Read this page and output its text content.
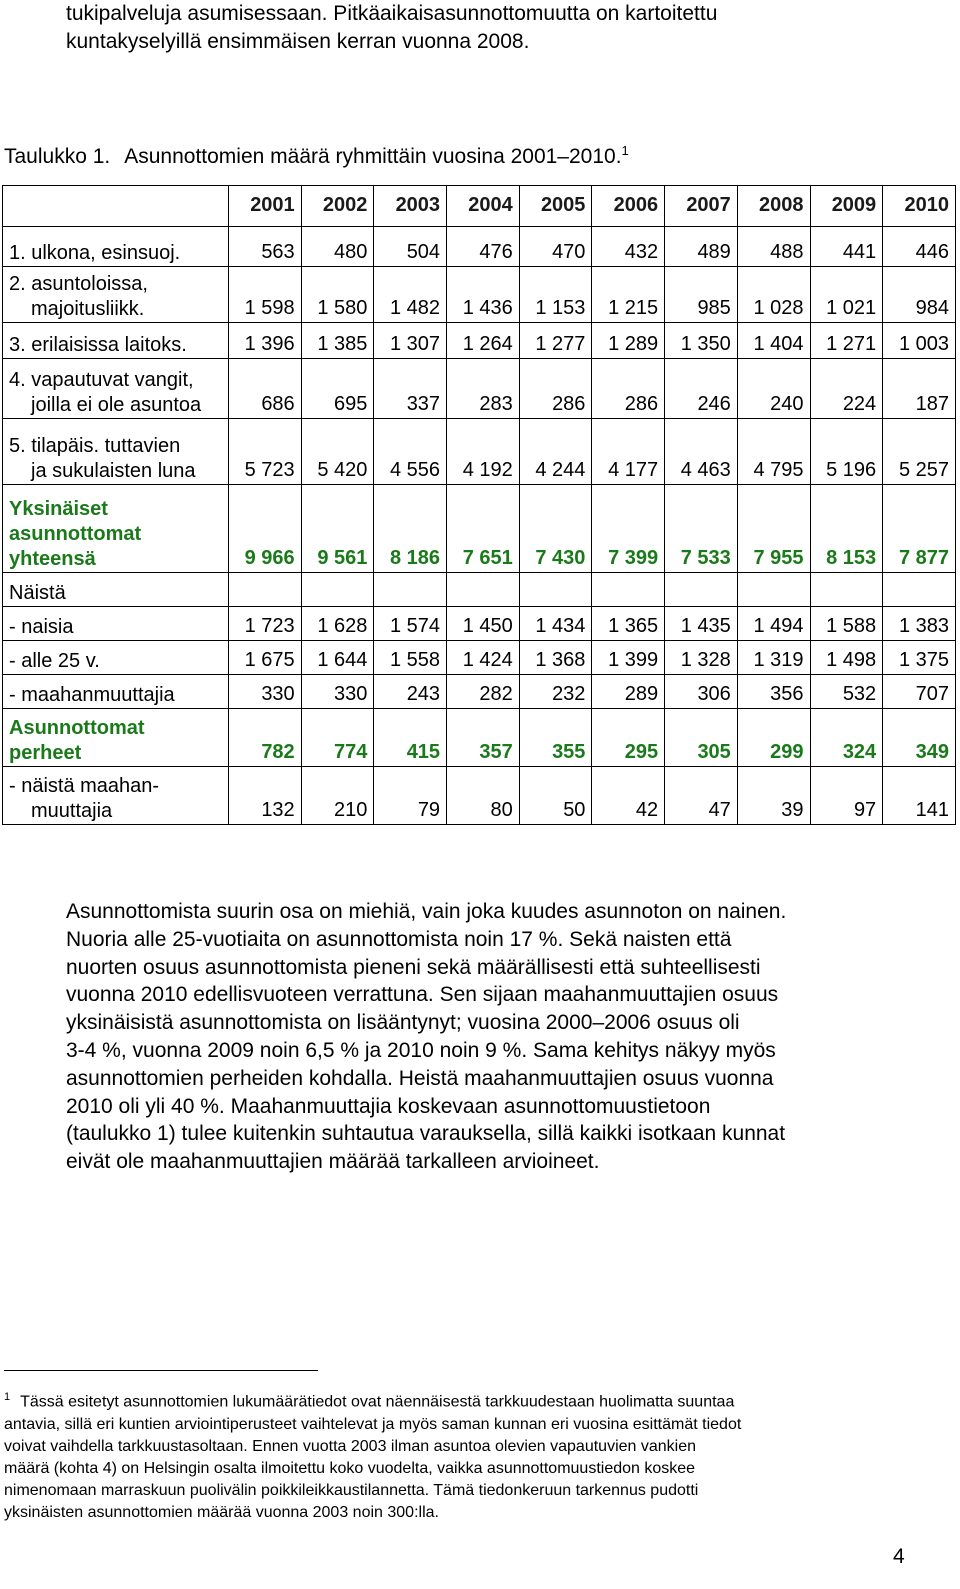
tukipalveluja asumisessaan. Pitkäaikaisasunnottomuutta on kartoitettu
kuntakyselyillä ensimmäisen kerran vuonna 2008.
Taulukko 1. Asunnottomien määrä ryhmittäin vuosina 2001–2010.$^1$
	2001	2002	2003	2004	2005	2006	2007	2008	2009	2010

1. ulkona, esinsuoj.	563	480	504	476	470	432	489	488	441	446

2. asuntoloissa,
majoitusliikk.	1 598	1 580	1 482	1 436	1 153	1 215	985	1 028	1 021	984

3. erilaisissa laitoks.	1 396	1 385	1 307	1 264	1 277	1 289	1 350	1 404	1 271	1 003

4. vapautuvat vangit,
joilla ei ole asuntoa	686	695	337	283	286	286	246	240	224	187

5. tilapäis. tuttavien
ja sukulaisten luna	5 723	5 420	4 556	4 192	4 244	4 177	4 463	4 795	5 196	5 257

Yksinäiset
asunnottomat
yhteensä	9 966	9 561	8 186	7 651	7 430	7 399	7 533	7 955	8 153	7 877

Näistä										

- naisia	1 723	1 628	1 574	1 450	1 434	1 365	1 435	1 494	1 588	1 383

- alle 25 v.	1 675	1 644	1 558	1 424	1 368	1 399	1 328	1 319	1 498	1 375

- maahanmuuttajia	330	330	243	282	232	289	306	356	532	707

Asunnottomat
perheet	782	774	415	357	355	295	305	299	324	349

- näistä maahan-
muuttajia	132	210	79	80	50	42	47	39	97	141
Asunnottomista suurin osa on miehiä, vain joka kuudes asunnoton on nainen.
Nuoria alle 25-vuotiaita on asunnottomista noin 17 %. Sekä naisten että
nuorten osuus asunnottomista pieneni sekä määrällisesti että suhteellisesti
vuonna 2010 edellisvuoteen verrattuna. Sen sijaan maahanmuuttajien osuus
yksinäisistä asunnottomista on lisääntynyt; vuosina 2000–2006 osuus oli
3-4 %, vuonna 2009 noin 6,5 % ja 2010 noin 9 %. Sama kehitys näkyy myös
asunnottomien perheiden kohdalla. Heistä maahanmuuttajien osuus vuonna
2010 oli yli 40 %. Maahanmuuttajia koskevaan asunnottomuustietoon
(taulukko 1) tulee kuitenkin suhtautua varauksella, sillä kaikki isotkaan kunnat
eivät ole maahanmuuttajien määrää tarkalleen arvioineet.
$^1$ Tässä esitetyt asunnottomien lukumäärätiedot ovat näennäisestä tarkkuudestaan huolimatta suuntaa
antavia, sillä eri kuntien arviointiperusteet vaihtelevat ja myös saman kunnan eri vuosina esittämät tiedot
voivat vaihdella tarkkuustasoltaan. Ennen vuotta 2003 ilman asuntoa olevien vapautuvien vankien
määrä (kohta 4) on Helsingin osalta ilmoitettu koko vuodelta, vaikka asunnottomuustiedon koskee
nimenomaan marraskuun puolivälin poikkileikkaustilannetta. Tämä tiedonkeruun tarkennus pudotti
yksinäisten asunnottomien määrää vuonna 2003 noin 300:lla.
4
